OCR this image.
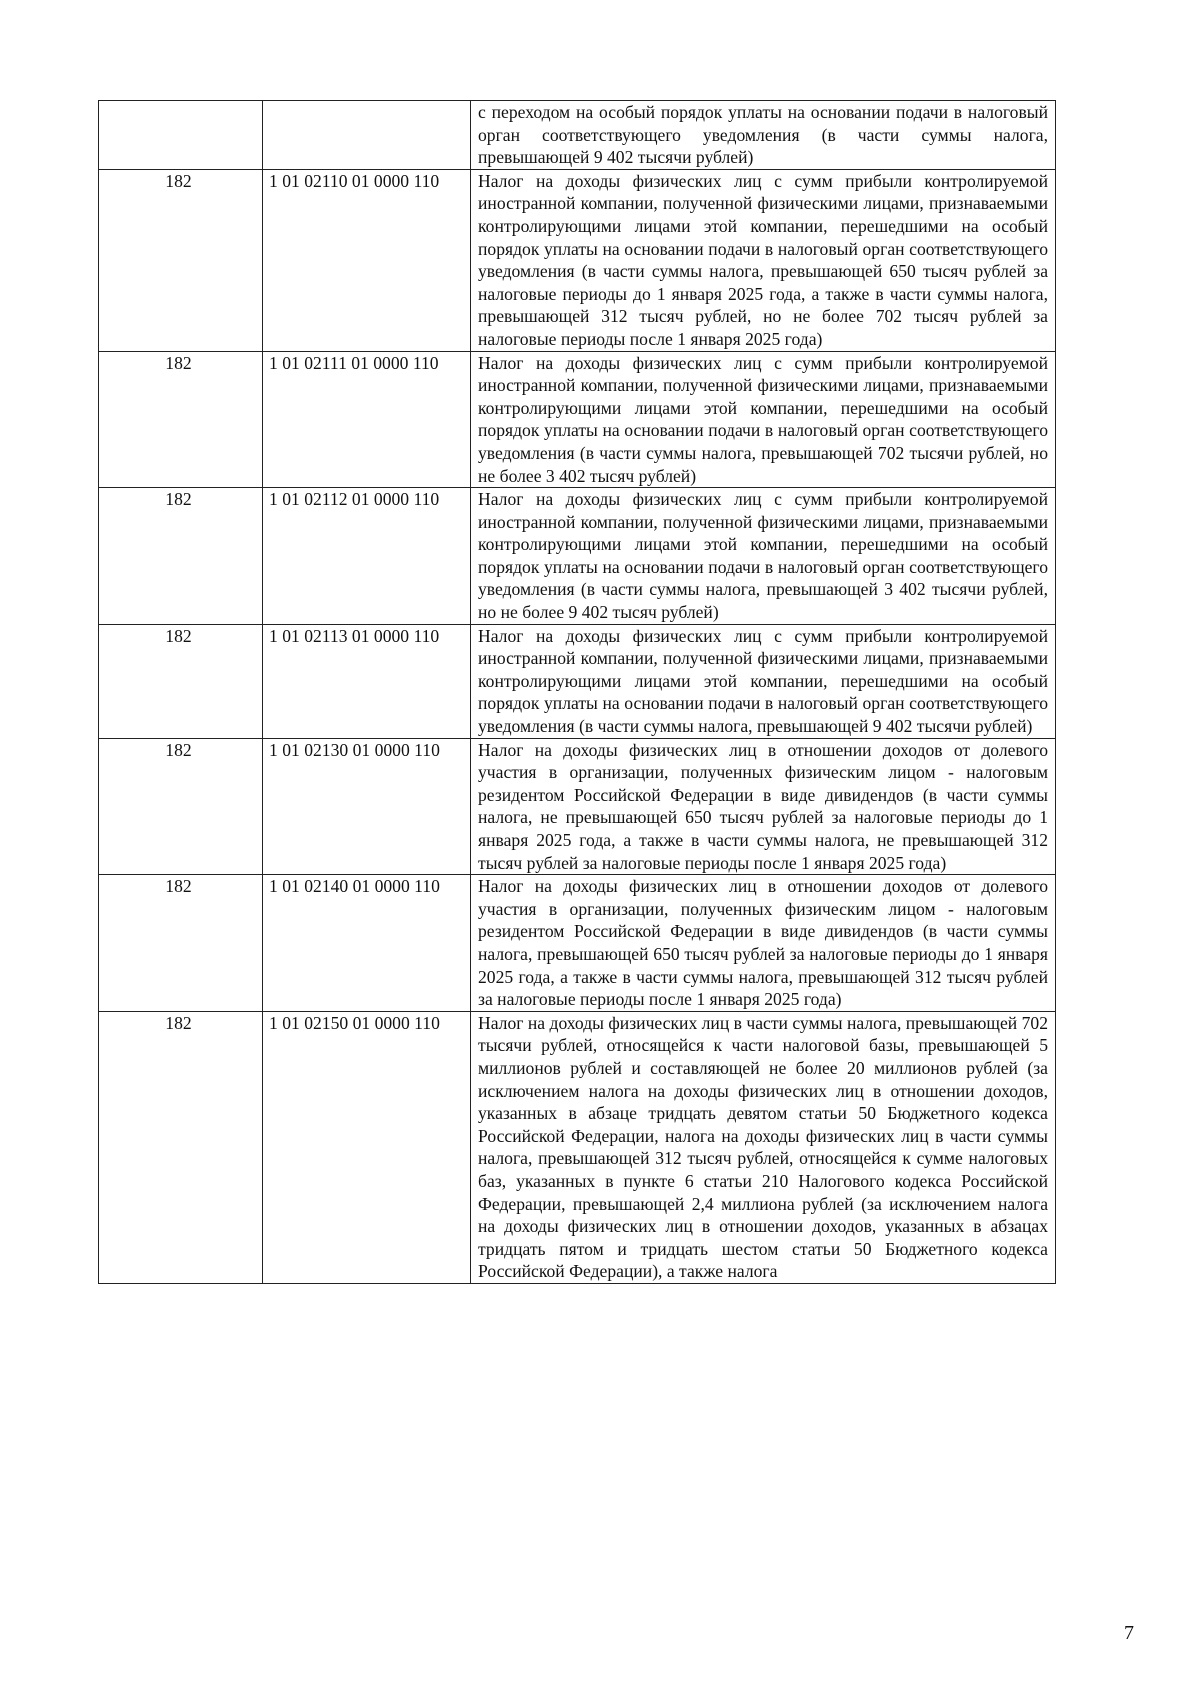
		с переходом на особый порядок уплаты на основании подачи в налоговый орган соответствующего уведомления (в части суммы налога, превышающей 9 402 тысячи рублей)
182	1 01 02110 01 0000 110	Налог на доходы физических лиц с сумм прибыли контролируемой иностранной компании, полученной физическими лицами, признаваемыми контролирующими лицами этой компании, перешедшими на особый порядок уплаты на основании подачи в налоговый орган соответствующего уведомления (в части суммы налога, превышающей 650 тысяч рублей за налоговые периоды до 1 января 2025 года, а также в части суммы налога, превышающей 312 тысяч рублей, но не более 702 тысяч рублей за налоговые периоды после 1 января 2025 года)
182	1 01 02111 01 0000 110	Налог на доходы физических лиц с сумм прибыли контролируемой иностранной компании, полученной физическими лицами, признаваемыми контролирующими лицами этой компании, перешедшими на особый порядок уплаты на основании подачи в налоговый орган соответствующего уведомления (в части суммы налога, превышающей 702 тысячи рублей, но не более 3 402 тысяч рублей)
182	1 01 02112 01 0000 110	Налог на доходы физических лиц с сумм прибыли контролируемой иностранной компании, полученной физическими лицами, признаваемыми контролирующими лицами этой компании, перешедшими на особый порядок уплаты на основании подачи в налоговый орган соответствующего уведомления (в части суммы налога, превышающей 3 402 тысячи рублей, но не более 9 402 тысяч рублей)
182	1 01 02113 01 0000 110	Налог на доходы физических лиц с сумм прибыли контролируемой иностранной компании, полученной физическими лицами, признаваемыми контролирующими лицами этой компании, перешедшими на особый порядок уплаты на основании подачи в налоговый орган соответствующего уведомления (в части суммы налога, превышающей 9 402 тысячи рублей)
182	1 01 02130 01 0000 110	Налог на доходы физических лиц в отношении доходов от долевого участия в организации, полученных физическим лицом - налоговым резидентом Российской Федерации в виде дивидендов (в части суммы налога, не превышающей 650 тысяч рублей за налоговые периоды до 1 января 2025 года, а также в части суммы налога, не превышающей 312 тысяч рублей за налоговые периоды после 1 января 2025 года)
182	1 01 02140 01 0000 110	Налог на доходы физических лиц в отношении доходов от долевого участия в организации, полученных физическим лицом - налоговым резидентом Российской Федерации в виде дивидендов (в части суммы налога, превышающей 650 тысяч рублей за налоговые периоды до 1 января 2025 года, а также в части суммы налога, превышающей 312 тысяч рублей за налоговые периоды после 1 января 2025 года)
182	1 01 02150 01 0000 110	Налог на доходы физических лиц в части суммы налога, превышающей 702 тысячи рублей, относящейся к части налоговой базы, превышающей 5 миллионов рублей и составляющей не более 20 миллионов рублей (за исключением налога на доходы физических лиц в отношении доходов, указанных в абзаце тридцать девятом статьи 50 Бюджетного кодекса Российской Федерации, налога на доходы физических лиц в части суммы налога, превышающей 312 тысяч рублей, относящейся к сумме налоговых баз, указанных в пункте 6 статьи 210 Налогового кодекса Российской Федерации, превышающей 2,4 миллиона рублей (за исключением налога на доходы физических лиц в отношении доходов, указанных в абзацах тридцать пятом и тридцать шестом статьи 50 Бюджетного кодекса Российской Федерации), а также налога
7
